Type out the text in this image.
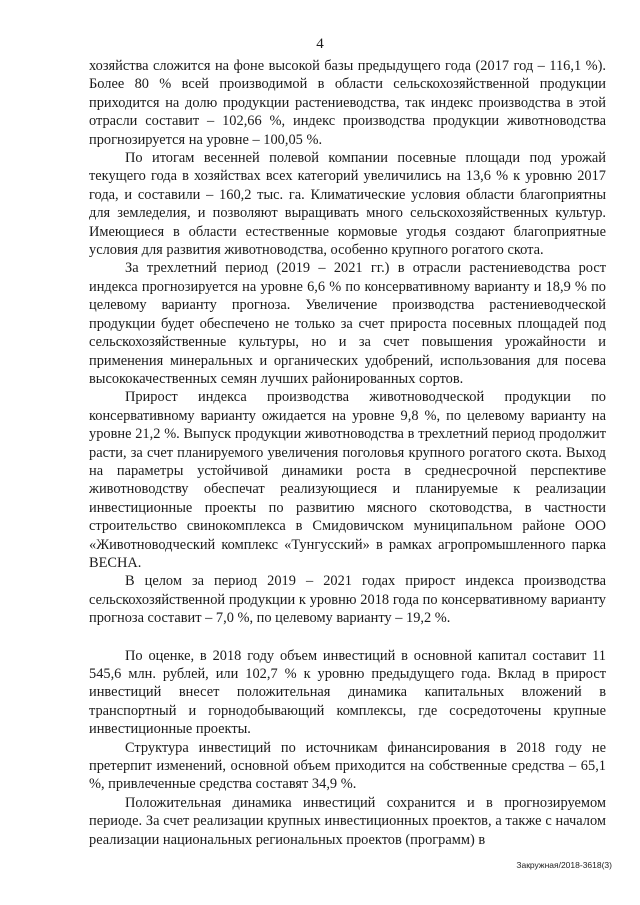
4

хозяйства сложится на фоне высокой базы предыдущего года (2017 год – 116,1 %). Более 80 % всей производимой в области сельскохозяйственной продукции приходится на долю продукции растениеводства, так индекс производства в этой отрасли составит – 102,66 %, индекс производства продукции животноводства прогнозируется на уровне – 100,05 %.

По итогам весенней полевой компании посевные площади под урожай текущего года в хозяйствах всех категорий увеличились на 13,6 % к уровню 2017 года, и составили – 160,2 тыс. га. Климатические условия области благоприятны для земледелия, и позволяют выращивать много сельскохозяйственных культур. Имеющиеся в области естественные кормовые угодья создают благоприятные условия для развития животноводства, особенно крупного рогатого скота.

За трехлетний период (2019 – 2021 гг.) в отрасли растениеводства рост индекса прогнозируется на уровне 6,6 % по консервативному варианту и 18,9 % по целевому варианту прогноза. Увеличение производства растениеводческой продукции будет обеспечено не только за счет прироста посевных площадей под сельскохозяйственные культуры, но и за счет повышения урожайности и применения минеральных и органических удобрений, использования для посева высококачественных семян лучших районированных сортов.

Прирост индекса производства животноводческой продукции по консервативному варианту ожидается на уровне 9,8 %, по целевому варианту на уровне 21,2 %. Выпуск продукции животноводства в трехлетний период продолжит расти, за счет планируемого увеличения поголовья крупного рогатого скота. Выход на параметры устойчивой динамики роста в среднесрочной перспективе животноводству обеспечат реализующиеся и планируемые к реализации инвестиционные проекты по развитию мясного скотоводства, в частности строительство свинокомплекса в Смидовичском муниципальном районе ООО «Животноводческий комплекс «Тунгусский» в рамках агропромышленного парка ВЕСНА.

В целом за период 2019 – 2021 годах прирост индекса производства сельскохозяйственной продукции к уровню 2018 года по консервативному варианту прогноза составит – 7,0 %, по целевому варианту – 19,2 %.

По оценке, в 2018 году объем инвестиций в основной капитал составит 11 545,6 млн. рублей, или 102,7 % к уровню предыдущего года. Вклад в прирост инвестиций внесет положительная динамика капитальных вложений в транспортный и горнодобывающий комплексы, где сосредоточены крупные инвестиционные проекты.

Структура инвестиций по источникам финансирования в 2018 году не претерпит изменений, основной объем приходится на собственные средства – 65,1 %, привлеченные средства составят 34,9 %.

Положительная динамика инвестиций сохранится и в прогнозируемом периоде. За счет реализации крупных инвестиционных проектов, а также с началом реализации национальных региональных проектов (программ) в

Закружная/2018-3618(3)
